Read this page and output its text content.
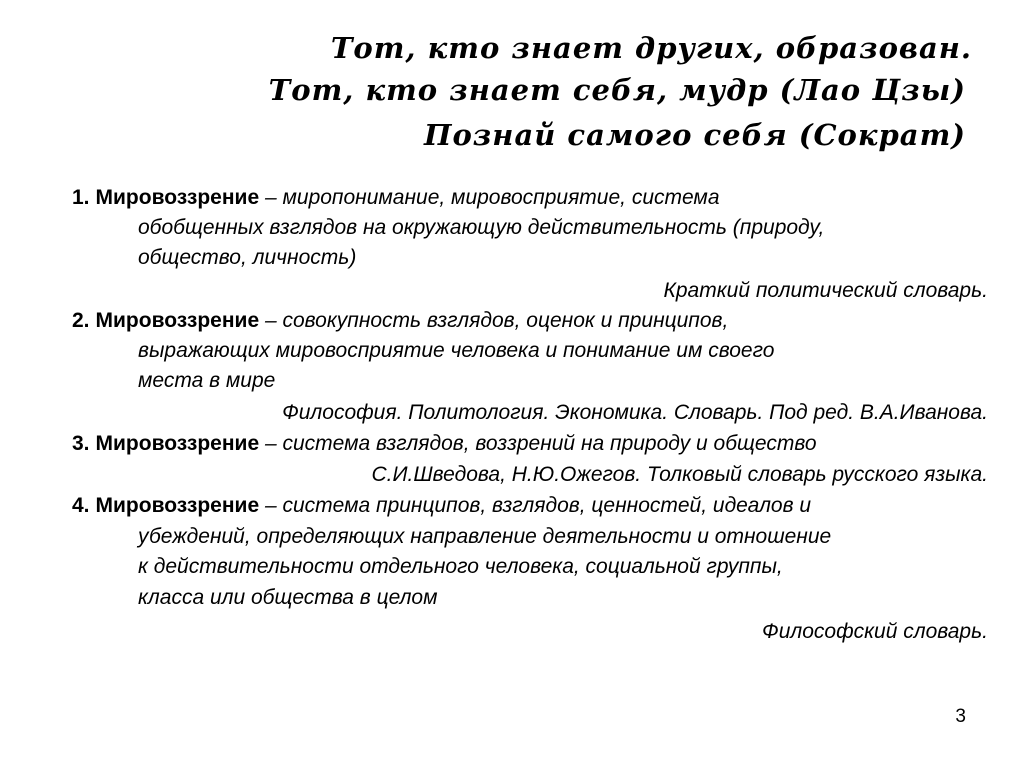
Тот, кто знает других, образован.
Тот, кто знает себя, мудр (Лао Цзы)
Познай самого себя (Сократ)
1. Мировоззрение – миропонимание, мировосприятие, система
обобщенных взглядов на окружающую действительность (природу,
общество, личность)
Краткий политический словарь.
2. Мировоззрение – совокупность взглядов, оценок и принципов,
выражающих мировосприятие человека и понимание им своего
места в мире
Философия. Политология. Экономика. Словарь. Под ред. В.А.Иванова.
3. Мировоззрение – система взглядов, воззрений на природу и общество
С.И.Шведова, Н.Ю.Ожегов. Толковый словарь русского языка.
4. Мировоззрение – система принципов, взглядов, ценностей, идеалов и
убеждений, определяющих направление деятельности и отношение
к действительности отдельного человека, социальной группы,
класса или общества в целом
Философский словарь.
3
